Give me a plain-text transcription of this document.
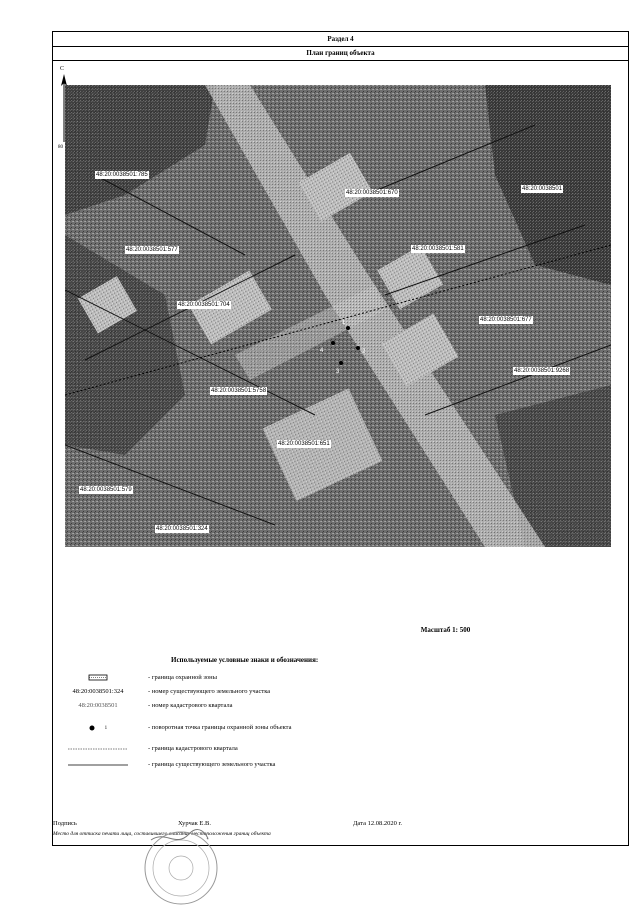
Раздел 4
План границ объекта
С
80
48:20:0038501:785
48:20:0038501:670
48:20:0038501
48:20:0038501:577	48:20:0038501:581
48:20:0038501:704
48:20:0038501:677
48:20:0038501:5758
48:20:0038501:9268
48:20:0038501:651
48:20:0038501:579
48:20:0038501:324
1
2
3
4
Масштаб 1: 500
Используемые условные знаки и обозначения:
- граница охранной зоны
48:20:0038501:324	- номер существующего земельного участка
48:20:0038501	- номер кадастрового квартала
1	- поворотная точка границы охранной зоны объекта
- граница кадастрового квартала
- граница существующего земельного участка
Подпись	Хурчак Е.В.	Дата 12.08.2020 г.
Место для оттиска печати лица, составившего описание местоположения границ объекта
